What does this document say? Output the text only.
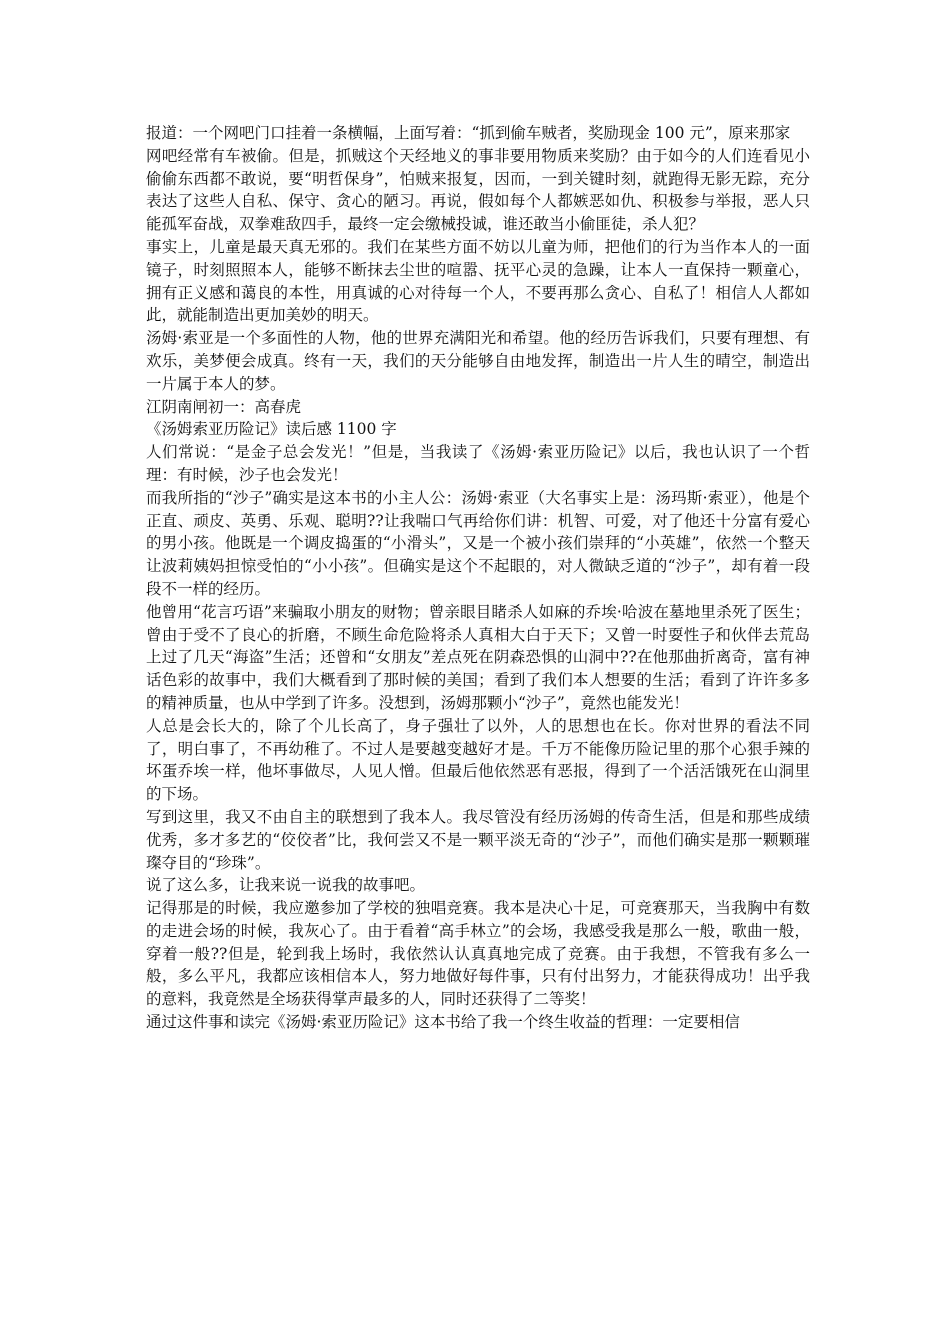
报道：一个网吧门口挂着一条横幅，上面写着：“抓到偷车贼者，奖励现金 100 元”，原来那家

网吧经常有车被偷。但是，抓贼这个天经地义的事非要用物质来奖励？由于如今的人们连看见小偷偷东西都不敢说，要“明哲保身”，怕贼来报复，因而，一到关键时刻，就跑得无影无踪，充分表达了这些人自私、保守、贪心的陋习。再说，假如每个人都嫉恶如仇、积极参与举报，恶人只能孤军奋战，双拳难敌四手，最终一定会缴械投诚，谁还敢当小偷匪徒，杀人犯？

事实上，儿童是最天真无邪的。我们在某些方面不妨以儿童为师，把他们的行为当作本人的一面镜子，时刻照照本人，能够不断抹去尘世的喧嚣、抚平心灵的急躁，让本人一直保持一颗童心，拥有正义感和蔼良的本性，用真诚的心对待每一个人，不要再那么贪心、自私了！相信人人都如此，就能制造出更加美妙的明天。

汤姆·索亚是一个多面性的人物，他的世界充满阳光和希望。他的经历告诉我们，只要有理想、有欢乐，美梦便会成真。终有一天，我们的天分能够自由地发挥，制造出一片人生的晴空，制造出一片属于本人的梦。

江阴南闸初一：高春虎

《汤姆索亚历险记》读后感 1100 字

人们常说：“是金子总会发光！”但是，当我读了《汤姆·索亚历险记》以后，我也认识了一个哲理：有时候，沙子也会发光！

而我所指的“沙子”确实是这本书的小主人公：汤姆·索亚（大名事实上是：汤玛斯·索亚），他是个正直、顽皮、英勇、乐观、聪明??让我喘口气再给你们讲：机智、可爱，对了他还十分富有爱心的男小孩。他既是一个调皮捣蛋的“小滑头”，又是一个被小孩们崇拜的“小英雄”，依然一个整天让波莉姨妈担惊受怕的“小小孩”。但确实是这个不起眼的，对人微缺乏道的“沙子”，却有着一段段不一样的经历。

他曾用“花言巧语”来骗取小朋友的财物；曾亲眼目睹杀人如麻的乔埃·哈波在墓地里杀死了医生；曾由于受不了良心的折磨，不顾生命危险将杀人真相大白于天下；又曾一时耍性子和伙伴去荒岛上过了几天“海盗”生活；还曾和“女朋友”差点死在阴森恐惧的山洞中??在他那曲折离奇，富有神话色彩的故事中，我们大概看到了那时候的美国；看到了我们本人想要的生活；看到了许许多多的精神质量，也从中学到了许多。没想到，汤姆那颗小“沙子”，竟然也能发光！

人总是会长大的，除了个儿长高了，身子强壮了以外，人的思想也在长。你对世界的看法不同了，明白事了，不再幼稚了。不过人是要越变越好才是。千万不能像历险记里的那个心狠手辣的坏蛋乔埃一样，他坏事做尽，人见人憎。但最后他依然恶有恶报，得到了一个活活饿死在山洞里的下场。

写到这里，我又不由自主的联想到了我本人。我尽管没有经历汤姆的传奇生活，但是和那些成绩优秀，多才多艺的“佼佼者”比，我何尝又不是一颗平淡无奇的“沙子”，而他们确实是那一颗颗璀璨夺目的“珍珠”。

说了这么多，让我来说一说我的故事吧。

记得那是的时候，我应邀参加了学校的独唱竞赛。我本是决心十足，可竞赛那天，当我胸中有数的走进会场的时候，我灰心了。由于看着“高手林立”的会场，我感受我是那么一般，歌曲一般，穿着一般??但是，轮到我上场时，我依然认认真真地完成了竞赛。由于我想，不管我有多么一般，多么平凡，我都应该相信本人，努力地做好每件事，只有付出努力，才能获得成功！出乎我的意料，我竟然是全场获得掌声最多的人，同时还获得了二等奖！

通过这件事和读完《汤姆·索亚历险记》这本书给了我一个终生收益的哲理：一定要相信
